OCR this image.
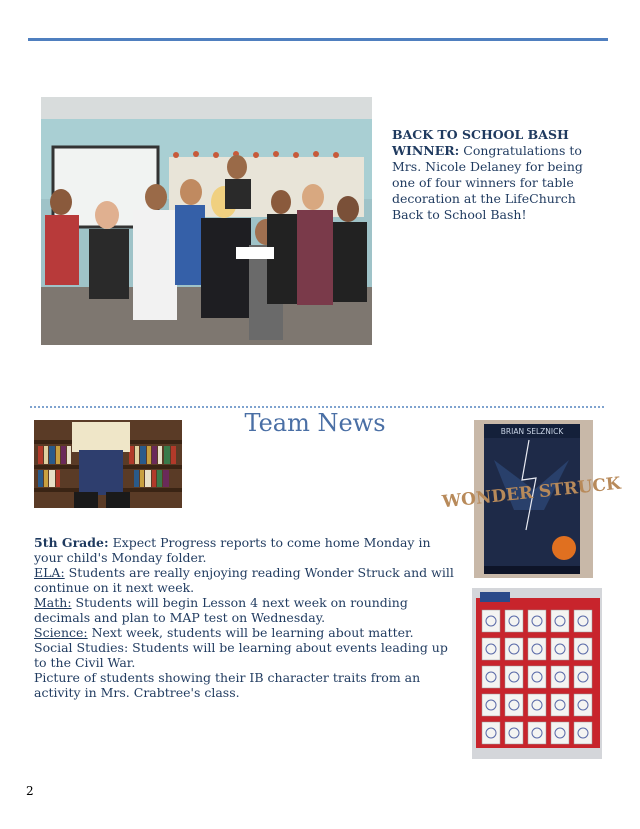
BACK TO SCHOOL BASH WINNER: Congratulations to Mrs. Nicole Delaney for being one of four winners for table decoration at the LifeChurch Back to School Bash!
Team News	BRIAN SELZNICK
WONDER STRUCK

5th Grade: Expect Progress reports to come home Monday in your child's Monday folder.

ELA: Students are really enjoying reading Wonder Struck and will continue on it next week.

Math: Students will begin Lesson 4 next week on rounding decimals and plan to MAP test on Wednesday.

Science: Next week, students will be learning about matter.

Social Studies: Students will be learning about events leading up to the Civil War.

Picture of students showing their IB character traits from an activity in Mrs. Crabtree's class.

2
